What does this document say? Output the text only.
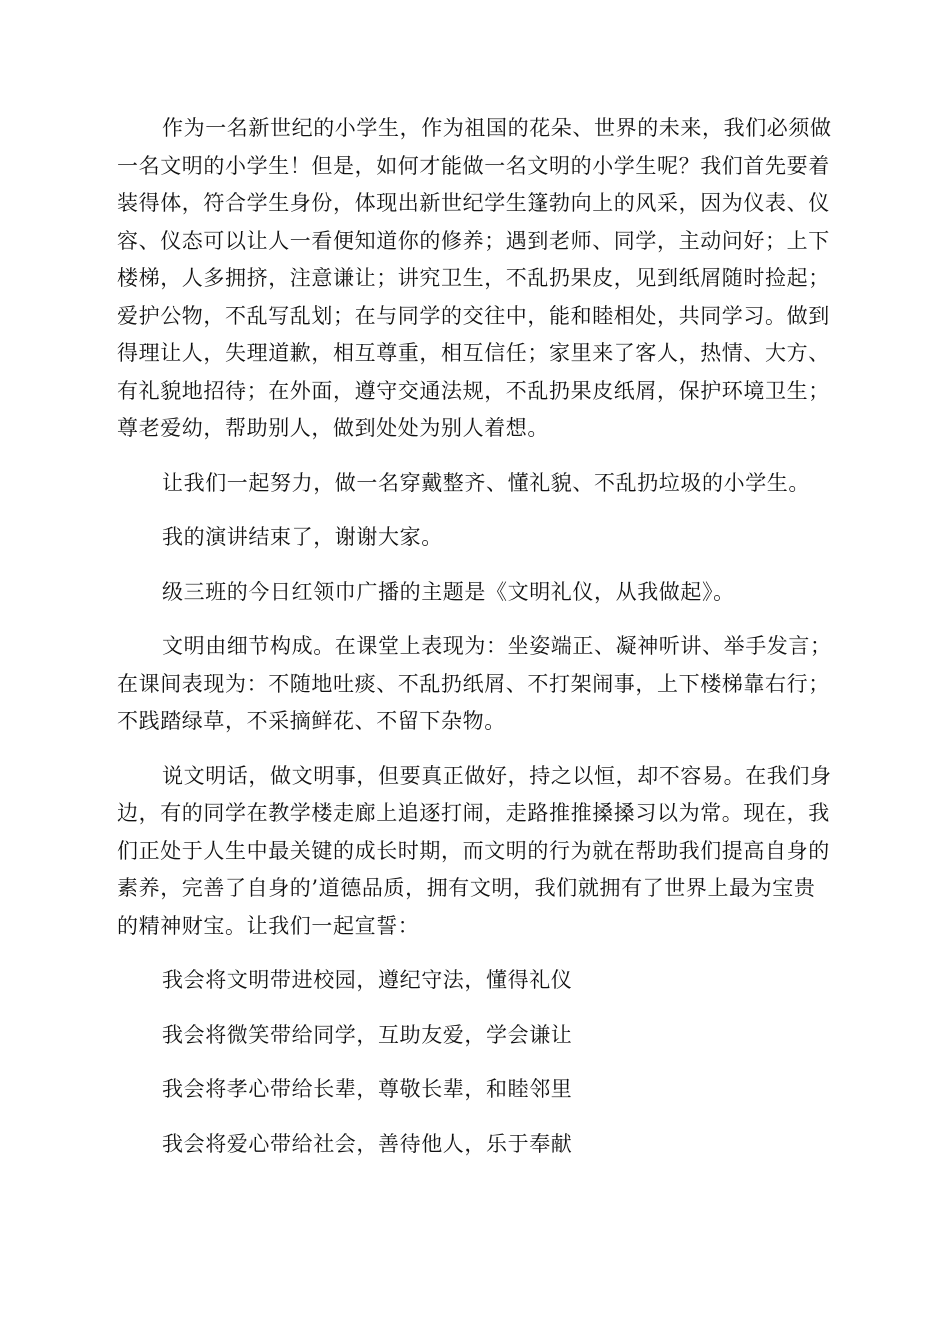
作为一名新世纪的小学生，作为祖国的花朵、世界的未来，我们必须做一名文明的小学生！但是，如何才能做一名文明的小学生呢？我们首先要着装得体，符合学生身份，体现出新世纪学生篷勃向上的风采，因为仪表、仪容、仪态可以让人一看便知道你的修养；遇到老师、同学，主动问好；上下楼梯，人多拥挤，注意谦让；讲究卫生，不乱扔果皮，见到纸屑随时捡起；爱护公物，不乱写乱划；在与同学的交往中，能和睦相处，共同学习。做到得理让人，失理道歉，相互尊重，相互信任；家里来了客人，热情、大方、有礼貌地招待；在外面，遵守交通法规，不乱扔果皮纸屑，保护环境卫生；尊老爱幼，帮助别人，做到处处为别人着想。

让我们一起努力，做一名穿戴整齐、懂礼貌、不乱扔垃圾的小学生。

我的演讲结束了，谢谢大家。

级三班的今日红领巾广播的主题是《文明礼仪，从我做起》。

文明由细节构成。在课堂上表现为：坐姿端正、凝神听讲、举手发言；在课间表现为：不随地吐痰、不乱扔纸屑、不打架闹事，上下楼梯靠右行；不践踏绿草，不采摘鲜花、不留下杂物。

说文明话，做文明事，但要真正做好，持之以恒，却不容易。在我们身边，有的同学在教学楼走廊上追逐打闹，走路推推搡搡习以为常。现在，我们正处于人生中最关键的成长时期，而文明的行为就在帮助我们提高自身的素养，完善了自身的’道德品质，拥有文明，我们就拥有了世界上最为宝贵的精神财宝。让我们一起宣誓：

我会将文明带进校园，遵纪守法，懂得礼仪

我会将微笑带给同学，互助友爱，学会谦让

我会将孝心带给长辈，尊敬长辈，和睦邻里

我会将爱心带给社会，善待他人，乐于奉献
